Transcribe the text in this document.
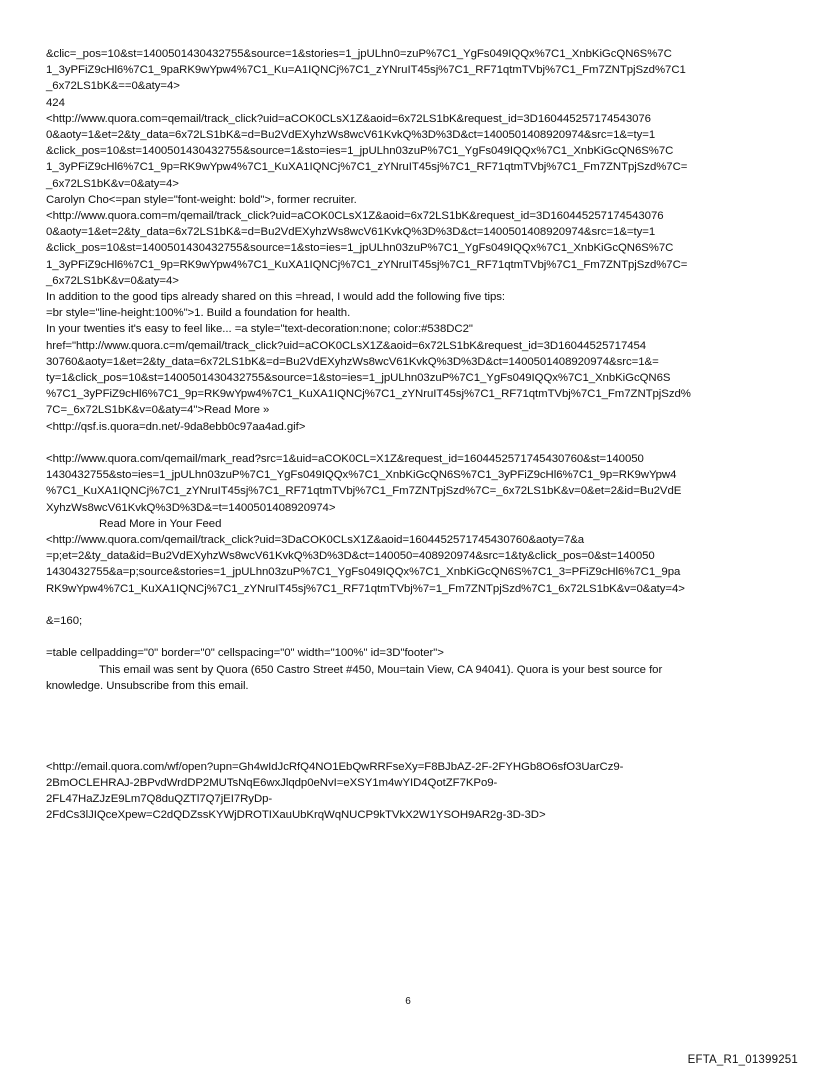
&clic=_pos=10&st=1400501430432755&source=1&stories=1_jpULhn0=zuP%7C1_YgFs049IQQx%7C1_XnbKiGcQN6S%7C
1_3yPFiZ9cHl6%7C1_9paRK9wYpw4%7C1_Ku=A1IQNCj%7C1_zYNruIT45sj%7C1_RF71qtmTVbj%7C1_Fm7ZNTpjSzd%7C1
_6x72LS1bK&==0&aty=4>
424
<http://www.quora.com=qemail/track_click?uid=aCOK0CLsX1Z&aoid=6x72LS1bK&request_id=3D160445257174543076
0&aoty=1&et=2&ty_data=6x72LS1bK&=d=Bu2VdEXyhzWs8wcV61KvkQ%3D%3D&ct=1400501408920974&src=1&=ty=1
&click_pos=10&st=1400501430432755&source=1&sto=ies=1_jpULhn03zuP%7C1_YgFs049IQQx%7C1_XnbKiGcQN6S%7C
1_3yPFiZ9cHl6%7C1_9p=RK9wYpw4%7C1_KuXA1IQNCj%7C1_zYNruIT45sj%7C1_RF71qtmTVbj%7C1_Fm7ZNTpjSzd%7C=
_6x72LS1bK&v=0&aty=4>
Carolyn Cho<=pan style="font-weight: bold">, former recruiter.
<http://www.quora.com=m/qemail/track_click?uid=aCOK0CLsX1Z&aoid=6x72LS1bK&request_id=3D160445257174543076
0&aoty=1&et=2&ty_data=6x72LS1bK&=d=Bu2VdEXyhzWs8wcV61KvkQ%3D%3D&ct=1400501408920974&src=1&=ty=1
&click_pos=10&st=1400501430432755&source=1&sto=ies=1_jpULhn03zuP%7C1_YgFs049IQQx%7C1_XnbKiGcQN6S%7C
1_3yPFiZ9cHl6%7C1_9p=RK9wYpw4%7C1_KuXA1IQNCj%7C1_zYNruIT45sj%7C1_RF71qtmTVbj%7C1_Fm7ZNTpjSzd%7C=
_6x72LS1bK&v=0&aty=4>
In addition to the good tips already shared on this =hread, I would add the following five tips:
=br style="line-height:100%">1. Build a foundation for health.
In your twenties it's easy to feel like... =a style="text-decoration:none; color:#538DC2"
href="http://www.quora.c=m/qemail/track_click?uid=aCOK0CLsX1Z&aoid=6x72LS1bK&request_id=3D16044525717454
30760&aoty=1&et=2&ty_data=6x72LS1bK&=d=Bu2VdEXyhzWs8wcV61KvkQ%3D%3D&ct=1400501408920974&src=1&=
ty=1&click_pos=10&st=1400501430432755&source=1&sto=ies=1_jpULhn03zuP%7C1_YgFs049IQQx%7C1_XnbKiGcQN6S
%7C1_3yPFiZ9cHl6%7C1_9p=RK9wYpw4%7C1_KuXA1IQNCj%7C1_zYNruIT45sj%7C1_RF71qtmTVbj%7C1_Fm7ZNTpjSzd%
7C=_6x72LS1bK&v=0&aty=4">Read More »
<http://qsf.is.quora=dn.net/-9da8ebb0c97aa4ad.gif>
<http://www.quora.com/qemail/mark_read?src=1&uid=aCOK0CL=X1Z&request_id=1604452571745430760&st=140050
1430432755&sto=ies=1_jpULhn03zuP%7C1_YgFs049IQQx%7C1_XnbKiGcQN6S%7C1_3yPFiZ9cHl6%7C1_9p=RK9wYpw4
%7C1_KuXA1IQNCj%7C1_zYNruIT45sj%7C1_RF71qtmTVbj%7C1_Fm7ZNTpjSzd%7C=_6x72LS1bK&v=0&et=2&id=Bu2VdE
XyhzWs8wcV61KvkQ%3D%3D&=t=1400501408920974>
Read More in Your Feed
<http://www.quora.com/qemail/track_click?uid=3DaCOK0CLsX1Z&aoid=1604452571745430760&aoty=7&a
=p;et=2&ty_data&id=Bu2VdEXyhzWs8wcV61KvkQ%3D%3D&ct=140050=408920974&src=1&ty&click_pos=0&st=140050
1430432755&a=p;source&stories=1_jpULhn03zuP%7C1_YgFs049IQQx%7C1_XnbKiGcQN6S%7C1_3=PFiZ9cHl6%7C1_9pa
RK9wYpw4%7C1_KuXA1IQNCj%7C1_zYNruIT45sj%7C1_RF71qtmTVbj%7=1_Fm7ZNTpjSzd%7C1_6x72LS1bK&v=0&aty=4>
&=160;
=table cellpadding="0" border="0" cellspacing="0" width="100%" id=3D"footer">
This email was sent by Quora (650 Castro Street #450, Mou=tain View, CA 94041). Quora is your best source for
knowledge. Unsubscribe from this email.
<http://email.quora.com/wf/open?upn=Gh4wIdJcRfQ4NO1EbQwRRFseXy=F8BJbAZ-2F-2FYHGb8O6sfO3UarCz9-
2BmOCLEHRAJ-2BPvdWrdDP2MUTsNqE6wxJlqdp0eNvI=eXSY1m4wYID4QotZF7KPo9-
2FL47HaZJzE9Lm7Q8duQZTl7Q7jEI7RyDp-
2FdCs3lJIQceXpew=C2dQDZssKYWjDROTIXauUbKrqWqNUCP9kTVkX2W1YSOH9AR2g-3D-3D>
6
EFTA_R1_01399251
